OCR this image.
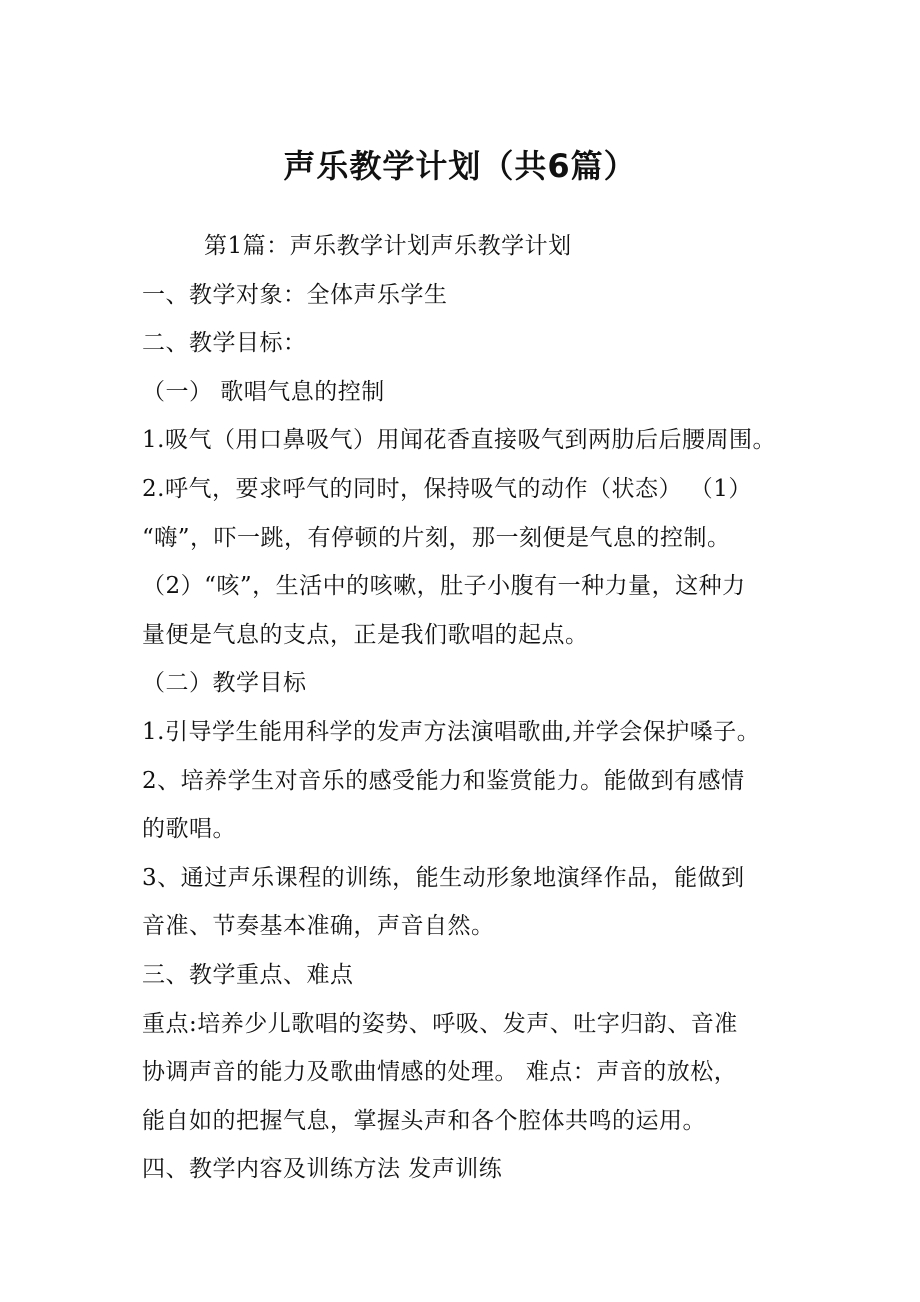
声乐教学计划（共6篇）
第1篇：声乐教学计划声乐教学计划
一、教学对象：全体声乐学生
二、教学目标：
（一） 歌唱气息的控制
1.吸气（用口鼻吸气）用闻花香直接吸气到两肋后后腰周围。
2.呼气，要求呼气的同时，保持吸气的动作（状态） （1）
“嗨”，吓一跳，有停顿的片刻，那一刻便是气息的控制。
（2）“咳”，生活中的咳嗽，肚子小腹有一种力量，这种力
量便是气息的支点，正是我们歌唱的起点。
（二）教学目标
1.引导学生能用科学的发声方法演唱歌曲,并学会保护嗓子。
2、培养学生对音乐的感受能力和鉴赏能力。能做到有感情
的歌唱。
3、通过声乐课程的训练，能生动形象地演绎作品，能做到
音准、节奏基本准确，声音自然。
三、教学重点、难点
重点:培养少儿歌唱的姿势、呼吸、发声、吐字归韵、音准
协调声音的能力及歌曲情感的处理。 难点：声音的放松，
能自如的把握气息，掌握头声和各个腔体共鸣的运用。
四、教学内容及训练方法 发声训练
